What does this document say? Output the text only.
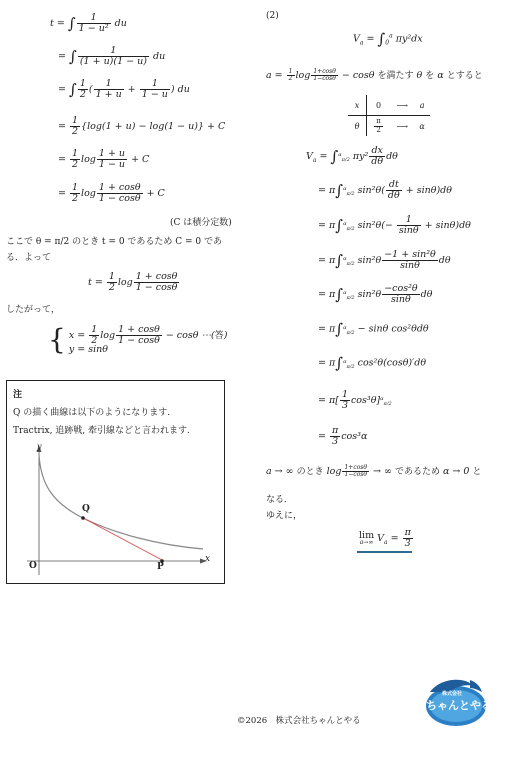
t = ∫ $\frac{1}{\text{1 − u²}}$ du
= ∫ $\frac{1}{(1 + u)(1 - u)}$ du
= ∫ $\frac{1}{2}$ ( $\frac{1}{1 + u} + \frac{1}{1 - u}$ ) du
= $\frac{1}{2} \{\log(1 + u) - \log(1 - u)\} + C$
= $\frac{1}{2}$ $\log \frac{1 + u}{1 - u} + C$
= $\frac{1}{2}$ $\log \frac{1 + \cos\theta}{1 - \cos\theta} + C$
(C は積分定数)
ここで θ = π/2 のとき t = 0 であるため C = 0 であ
る．よって
$t = \frac{1}{2}$ $\log \frac{1 + \cos\theta}{1 - \cos\theta}$
したがって，
{ $x = \frac{1}{2}$ $\log \frac{1 + \cos\theta}{1 - \cos\theta} - \cos\theta$ ⋯(答)
y = sinθ
注
Q の描く曲線は以下のようになります.
Tractrix, 追跡戦, 牽引線などと言われます.
y
x
O
Q
P
(2)
$V_a = \int_0^a$ πy²dx
$a = \frac{1}{2}$ $\log \frac{1+\cos\theta}{1-\cos\theta} - \cos\theta$ を満たす θ を α とすると
x	0	⟶	a
θ	$\frac{\pi}{2}$	⟶	α
$V_a = \int^\alpha_{\pi/2}$ $\pi y^2 \frac{dx}{d\theta}$ dθ
= π∫$^\alpha_{\pi/2}$ $\sin^2\theta( \frac{dt}{d\theta} + \sin\theta)d\theta$
= π∫$^\alpha_{\pi/2}$ $\sin^2\theta(- \frac{1}{\sin\theta} + \sin\theta)d\theta$
= π∫$^\alpha_{\pi/2}$ $\sin^2\theta \frac{\text{−1 + sin²θ}}{\sin\theta}$ dθ
= π∫$^\alpha_{\pi/2}$ $\sin^2\theta \frac{\text{−cos²θ}}{\sin\theta}$ dθ
= π∫$^\alpha_{\pi/2}$ − sinθ cos²θdθ
= π∫$^\alpha_{\pi/2}$ cos²θ(cosθ)′dθ
= $\pi[ \frac{1}{3} \cos^3\theta]^\alpha_{\pi/2}$
= $\frac{\pi}{3} \cos^3\alpha$
a → ∞ のとき $\log \frac{1+\cos\theta}{1-\cos\theta}$ → ∞ であるため α → 0 と
なる．
ゆえに，
lim
a→∞ $V_a = \frac{\pi}{3}$
株式会社
ちゃんとやる
©2026　株式会社ちゃんとやる
